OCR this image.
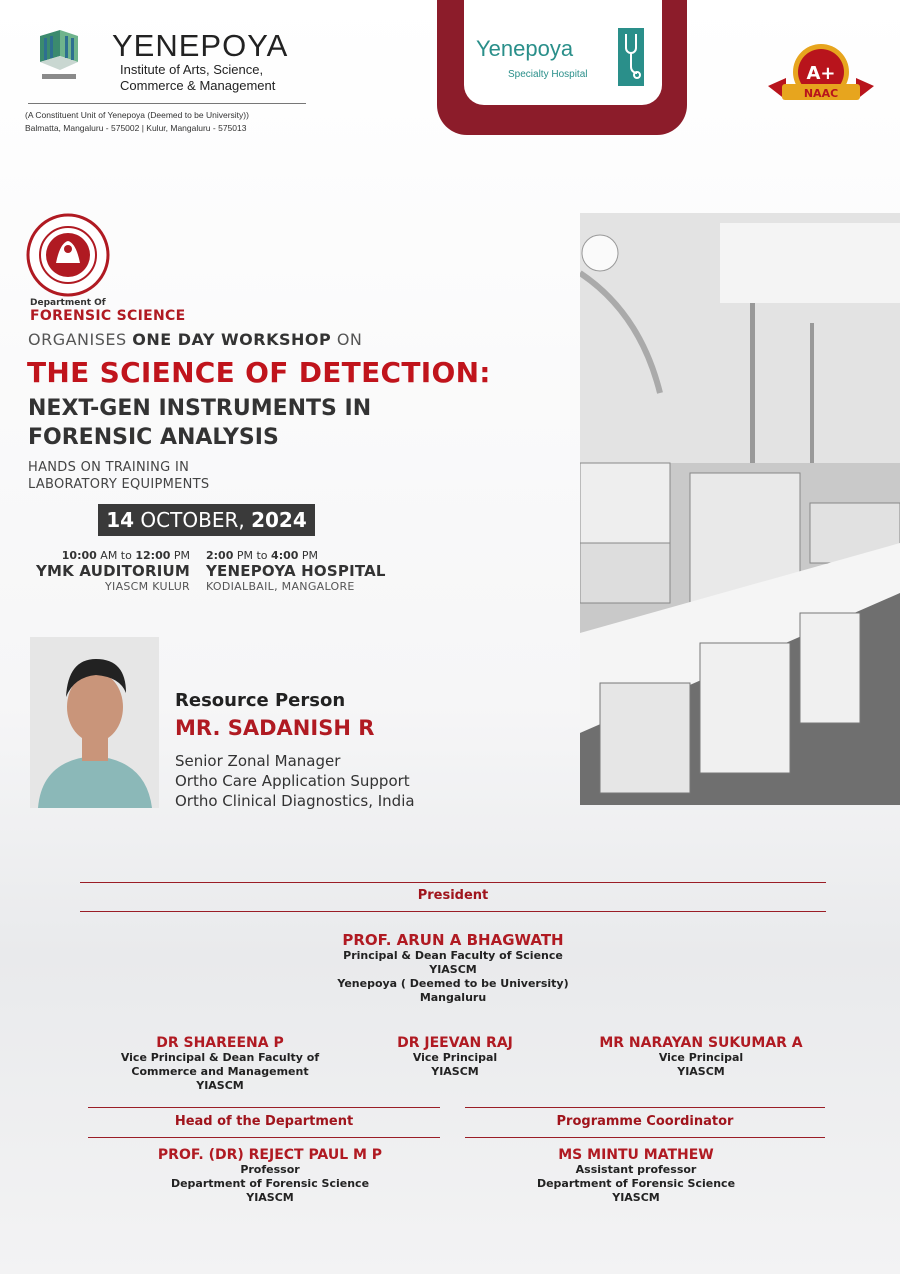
YENEPOYA
Institute of Arts, Science,
Commerce & Management
(A Constituent Unit of Yenepoya (Deemed to be University))
Balmatta, Mangaluru - 575002 | Kulur, Mangaluru - 575013
Yenepoya
Specialty Hospital	A+
NAAC
Department Of
FORENSIC SCIENCE
ORGANISES ONE DAY WORKSHOP ON
THE SCIENCE OF DETECTION:
NEXT-GEN INSTRUMENTS IN
FORENSIC ANALYSIS
HANDS ON TRAINING IN
LABORATORY EQUIPMENTS
14 OCTOBER, 2024
10:00 AM to 12:00 PM
YMK AUDITORIUM
YIASCM KULUR
2:00 PM to 4:00 PM
YENEPOYA HOSPITAL
KODIALBAIL, MANGALORE
Resource Person
MR. SADANISH R
Senior Zonal Manager
Ortho Care Application Support
Ortho Clinical Diagnostics, India
President
PROF. ARUN A BHAGWATH
Principal & Dean Faculty of Science
YIASCM
Yenepoya ( Deemed to be University)
Mangaluru
DR SHAREENA P
Vice Principal & Dean Faculty of
Commerce and Management
YIASCM
DR JEEVAN RAJ
Vice Principal
YIASCM
MR NARAYAN SUKUMAR A
Vice Principal
YIASCM
Head of the Department	Programme Coordinator
PROF. (DR) REJECT PAUL M P
Professor
Department of Forensic Science
YIASCM
MS MINTU MATHEW
Assistant professor
Department of Forensic Science
YIASCM
